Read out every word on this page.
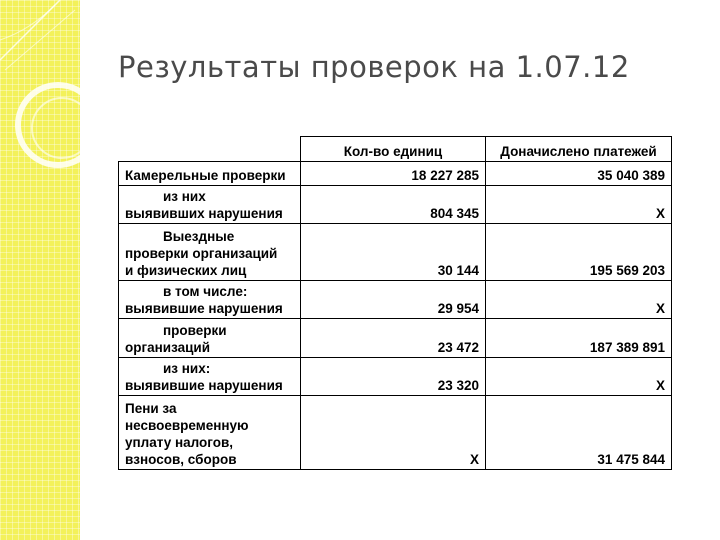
Результаты проверок на 1.07.12
	Кол-во единиц	Доначислено платежей

Камерельные проверки	18 227 285	35 040 389

из них
выявивших нарушения	804 345	Х

Выездные
проверки организаций
и физических лиц	30 144	195 569 203

в том числе:
выявившие нарушения	29 954	Х

проверки
организаций	23 472	187 389 891

из них:
выявившие нарушения	23 320	Х

Пени за
несвоевременную
уплату налогов,
взносов, сборов	Х	31 475 844
